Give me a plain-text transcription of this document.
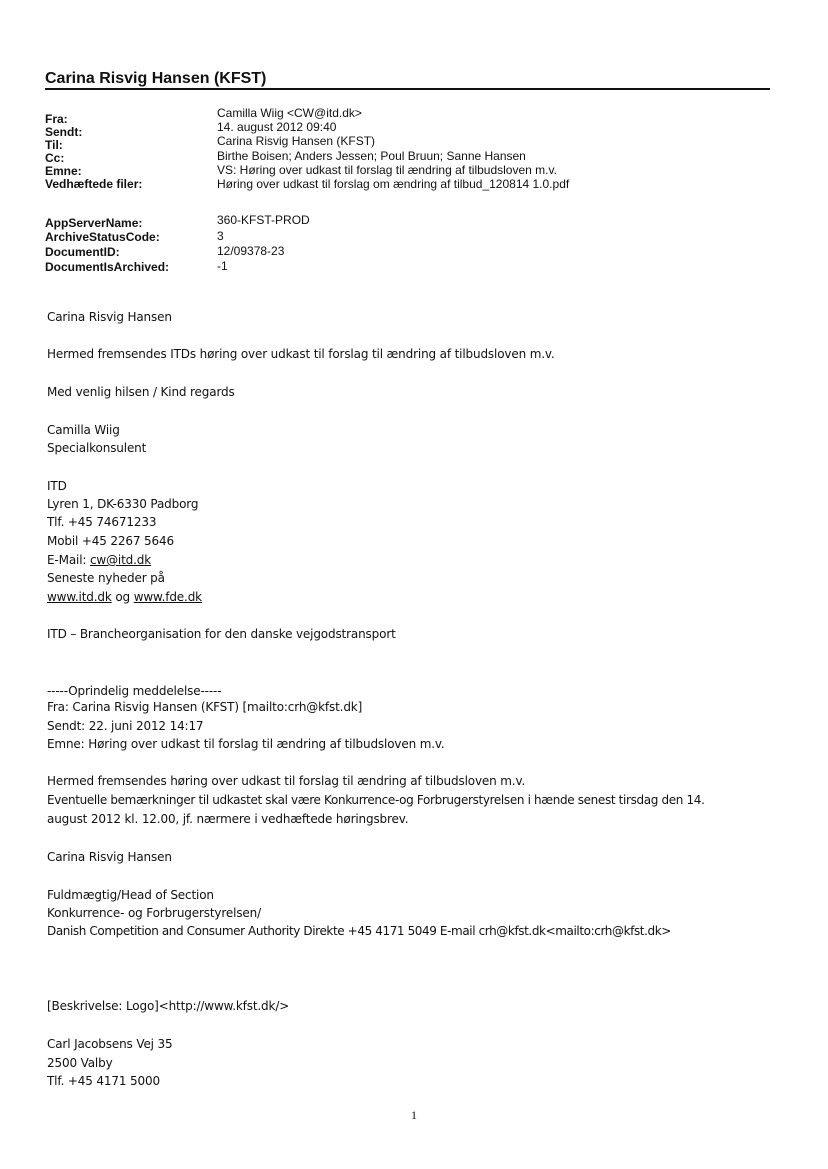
Carina Risvig Hansen (KFST)
Fra:	Camilla Wiig <CW@itd.dk>
Sendt:	14. august 2012 09:40
Til:	Carina Risvig Hansen (KFST)
Cc:	Birthe Boisen; Anders Jessen; Poul Bruun; Sanne Hansen
Emne:	VS: Høring over udkast til forslag til ændring af tilbudsloven m.v.
Vedhæftede filer:	Høring over udkast til forslag om ændring af tilbud_120814 1.0.pdf
AppServerName:	360-KFST-PROD
ArchiveStatusCode:	3
DocumentID:	12/09378-23
DocumentIsArchived:	-1
Carina Risvig Hansen
Hermed fremsendes ITDs høring over udkast til forslag til ændring af tilbudsloven m.v.
Med venlig hilsen / Kind regards
Camilla Wiig
Specialkonsulent
ITD
Lyren 1, DK-6330 Padborg
Tlf. +45 74671233
Mobil +45 2267 5646
E-Mail: cw@itd.dk
Seneste nyheder på
www.itd.dk og www.fde.dk
ITD – Brancheorganisation for den danske vejgodstransport
-----Oprindelig meddelelse-----
Fra: Carina Risvig Hansen (KFST) [mailto:crh@kfst.dk]
Sendt: 22. juni 2012 14:17
Emne: Høring over udkast til forslag til ændring af tilbudsloven m.v.
Hermed fremsendes høring over udkast til forslag til ændring af tilbudsloven m.v.
Eventuelle bemærkninger til udkastet skal være Konkurrence-og Forbrugerstyrelsen i hænde senest tirsdag den 14.
august 2012 kl. 12.00, jf. nærmere i vedhæftede høringsbrev.
Carina Risvig Hansen
Fuldmægtig/Head of Section
Konkurrence- og Forbrugerstyrelsen/
Danish Competition and Consumer Authority Direkte +45 4171 5049 E-mail crh@kfst.dk<mailto:crh@kfst.dk>
[Beskrivelse: Logo]<http://www.kfst.dk/>
Carl Jacobsens Vej 35
2500 Valby
Tlf. +45 4171 5000
1
